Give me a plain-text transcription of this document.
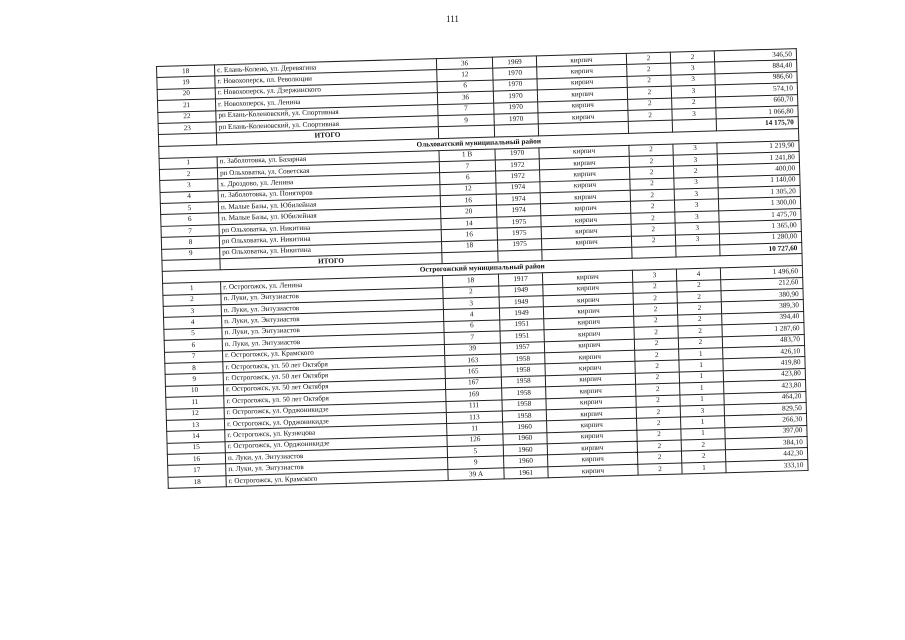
111
18	с. Елань-Колено, ул. Деревягина	36	1969	кирпич	2	2	346,50
19	г. Новохоперск, пл. Революции	12	1970	кирпич	2	3	884,40
20	г. Новохоперск, ул. Дзержинского	6	1970	кирпич	2	3	986,60
21	г. Новохоперск, ул. Ленина	36	1970	кирпич	2	3	574,10
22	рп Елань-Коленовский, ул. Спортивная	7	1970	кирпич	2	2	660,70
23	рп Елань-Коленовский, ул. Спортивная	9	1970	кирпич	2	3	1 066,80
	ИТОГО						14 175,70
Ольховатский муниципальный район							
1	п. Заболотовка, ул. Базарная	1 В	1970	кирпич	2	3	1 219,90
2	рп Ольховатка, ул. Советская	7	1972	кирпич	2	3	1 241,80
3	х. Дроздово, ул. Ленина	6	1972	кирпич	2	2	400,00
4	п. Заболотовка, ул. Понятеров	12	1974	кирпич	2	3	1 140,00
5	п. Малые Базы, ул. Юбилейная	16	1974	кирпич	2	3	1 305,20
6	п. Малые Базы, ул. Юбилейная	20	1974	кирпич	2	3	1 300,00
7	рп Ольховатка, ул. Никитина	14	1975	кирпич	2	3	1 475,70
8	рп Ольховатка, ул. Никитина	16	1975	кирпич	2	3	1 365,00
9	рп Ольховатка, ул. Никитина	18	1975	кирпич	2	3	1 280,00
	ИТОГО						10 727,60
Острогожский муниципальный район							
1	г. Острогожск, ул. Ленина	18	1917	кирпич	3	4	1 496,60
2	п. Луки, ул. Энтузиастов	2	1949	кирпич	2	2	212,60
3	п. Луки, ул. Энтузиастов	3	1949	кирпич	2	2	380,90
4	п. Луки, ул. Энтузиастов	4	1949	кирпич	2	2	389,30
5	п. Луки, ул. Энтузиастов	6	1951	кирпич	2	2	394,40
6	п. Луки, ул. Энтузиастов	7	1951	кирпич	2	2	1 287,60
7	г. Острогожск, ул. Крамского	39	1957	кирпич	2	2	483,70
8	г. Острогожск, ул. 50 лет Октября	163	1958	кирпич	2	1	426,10
9	г. Острогожск, ул. 50 лет Октября	165	1958	кирпич	2	1	419,80
10	г. Острогожск, ул. 50 лет Октября	167	1958	кирпич	2	1	423,80
11	г. Острогожск, ул. 50 лет Октября	169	1958	кирпич	2	1	423,80
12	г. Острогожск, ул. Орджоникидзе	111	1958	кирпич	2	1	464,20
13	г. Острогожск, ул. Орджоникидзе	113	1958	кирпич	2	3	829,50
14	г. Острогожск, ул. Кузнецова	11	1960	кирпич	2	1	266,30
15	г. Острогожск, ул. Орджоникидзе	126	1960	кирпич	2	1	397,00
16	п. Луки, ул. Энтузиастов	5	1960	кирпич	2	2	384,10
17	п. Луки, ул. Энтузиастов	9	1960	кирпич	2	2	442,30
18	г. Острогожск, ул. Крамского	39 А	1961	кирпич	2	1	333,10
